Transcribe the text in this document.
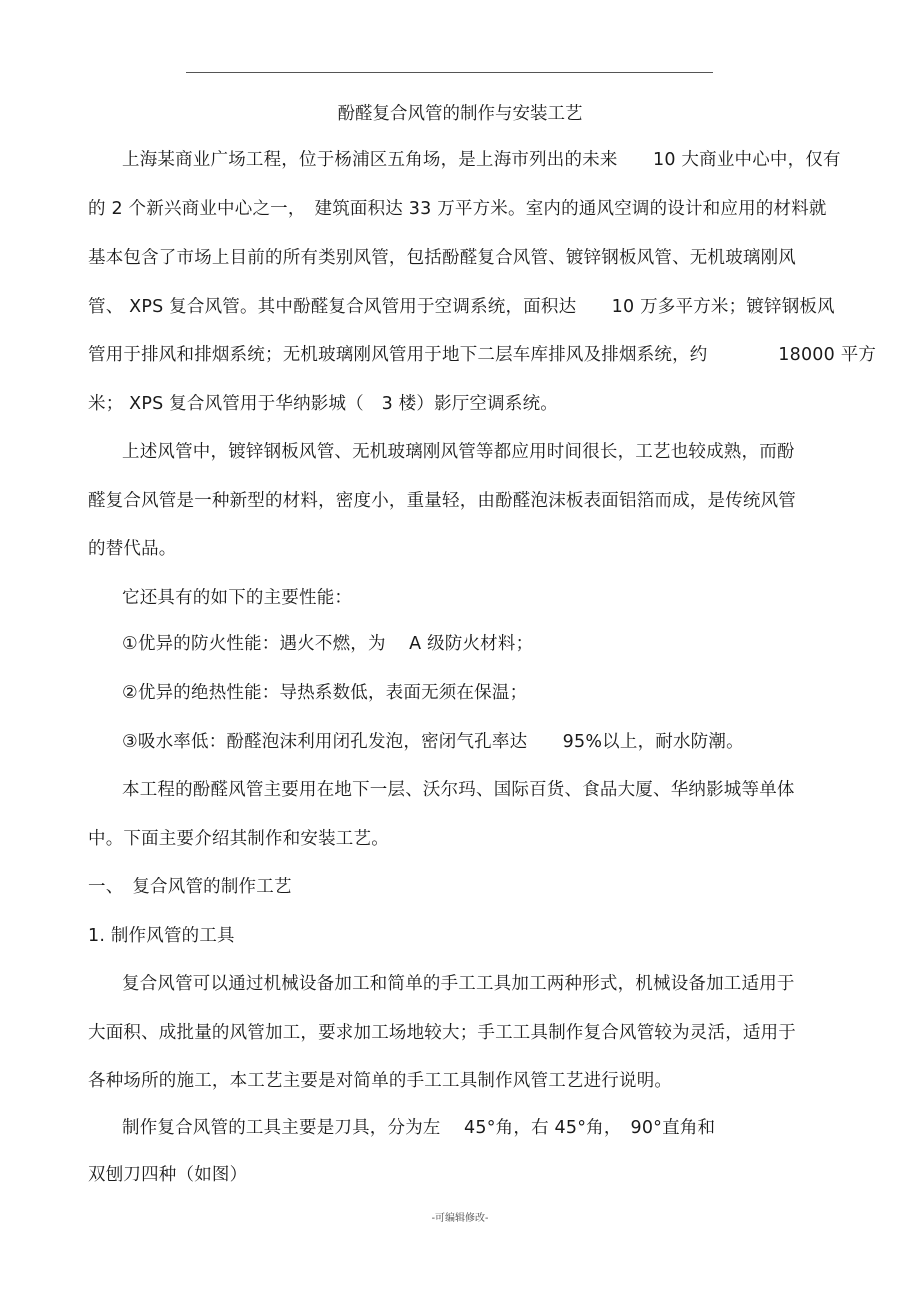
酚醛复合风管的制作与安装工艺
上海某商业广场工程，位于杨浦区五角场，是上海市列出的未来　　10 大商业中心中，仅有
的 2 个新兴商业中心之一，　建筑面积达 33 万平方米。室内的通风空调的设计和应用的材料就
基本包含了市场上目前的所有类别风管，包括酚醛复合风管、镀锌钢板风管、无机玻璃刚风
管、 XPS 复合风管。其中酚醛复合风管用于空调系统，面积达　　10 万多平方米；镀锌钢板风
管用于排风和排烟系统；无机玻璃刚风管用于地下二层车库排风及排烟系统，约　　　　18000 平方
米； XPS 复合风管用于华纳影城（　3 楼）影厅空调系统。
上述风管中，镀锌钢板风管、无机玻璃刚风管等都应用时间很长，工艺也较成熟，而酚
醛复合风管是一种新型的材料，密度小，重量轻，由酚醛泡沫板表面铝箔而成，是传统风管
的替代品。
它还具有的如下的主要性能：
①优异的防火性能：遇火不燃，为　 A 级防火材料；
②优异的绝热性能：导热系数低，表面无须在保温；
③吸水率低：酚醛泡沫利用闭孔发泡，密闭气孔率达　　95%以上，耐水防潮。
本工程的酚醛风管主要用在地下一层、沃尔玛、国际百货、食品大厦、华纳影城等单体
中。下面主要介绍其制作和安装工艺。
一、　复合风管的制作工艺
1. 制作风管的工具
复合风管可以通过机械设备加工和简单的手工工具加工两种形式，机械设备加工适用于
大面积、成批量的风管加工，要求加工场地较大；手工工具制作复合风管较为灵活，适用于
各种场所的施工，本工艺主要是对简单的手工工具制作风管工艺进行说明。
制作复合风管的工具主要是刀具，分为左　 45°角，右 45°角，　90°直角和
双刨刀四种（如图）
-可编辑修改-
